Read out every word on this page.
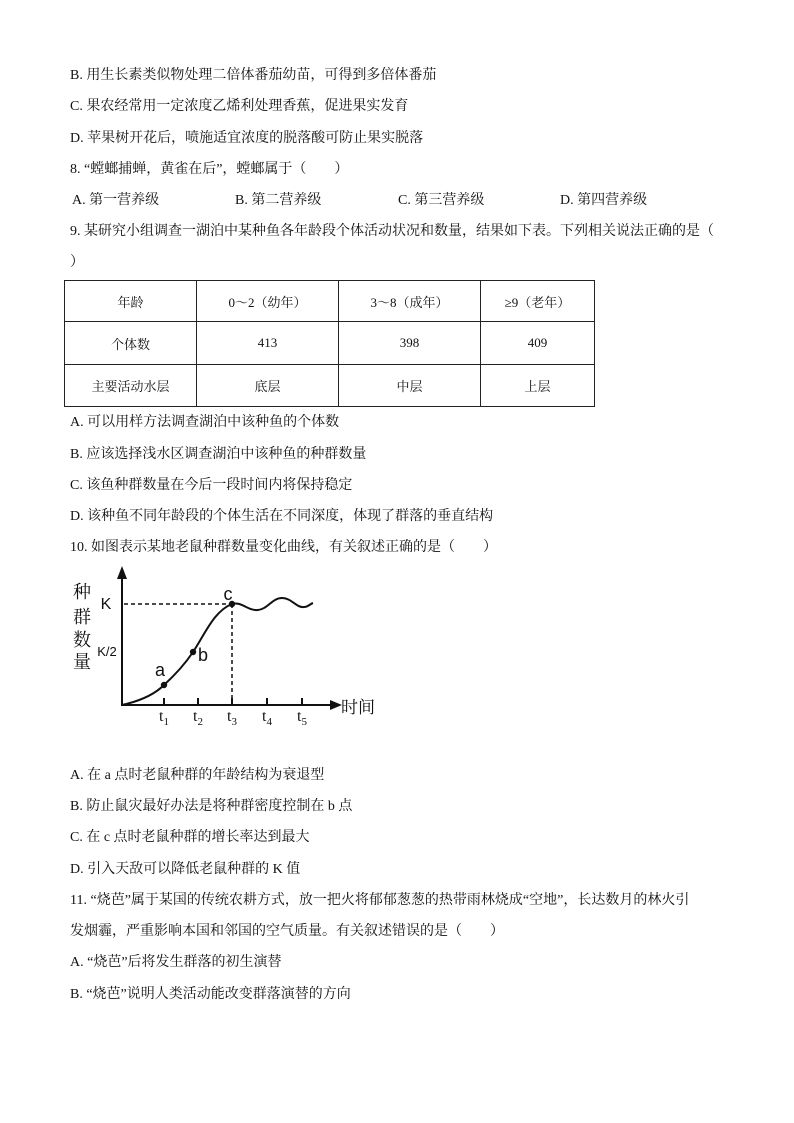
B. 用生长素类似物处理二倍体番茄幼苗，可得到多倍体番茄
C. 果农经常用一定浓度乙烯利处理香蕉，促进果实发育
D. 苹果树开花后，喷施适宜浓度的脱落酸可防止果实脱落
8. “螳螂捕蝉，黄雀在后”，螳螂属于（　　）
A. 第一营养级	B. 第二营养级	C. 第三营养级	D. 第四营养级
9. 某研究小组调查一湖泊中某种鱼各年龄段个体活动状况和数量，结果如下表。下列相关说法正确的是（
）
年龄	0～2（幼年）	3～8（成年）	≥9（老年）
个体数	413	398	409
主要活动水层	底层	中层	上层
A. 可以用样方法调查湖泊中该种鱼的个体数
B. 应该选择浅水区调查湖泊中该种鱼的种群数量
C. 该鱼种群数量在今后一段时间内将保持稳定
D. 该种鱼不同年龄段的个体生活在不同深度，体现了群落的垂直结构
10. 如图表示某地老鼠种群数量变化曲线，有关叙述正确的是（　　）
种
群
数
量
K
K/2
a
b
c
$t_1$ $t_2$ $t_3$ $t_4$ $t_5$
时间
A. 在 a 点时老鼠种群的年龄结构为衰退型
B. 防止鼠灾最好办法是将种群密度控制在 b 点
C. 在 c 点时老鼠种群的增长率达到最大
D. 引入天敌可以降低老鼠种群的 K 值
11. “烧芭”属于某国的传统农耕方式，放一把火将郁郁葱葱的热带雨林烧成“空地”，长达数月的林火引
发烟霾，严重影响本国和邻国的空气质量。有关叙述错误的是（　　）
A. “烧芭”后将发生群落的初生演替
B. “烧芭”说明人类活动能改变群落演替的方向
